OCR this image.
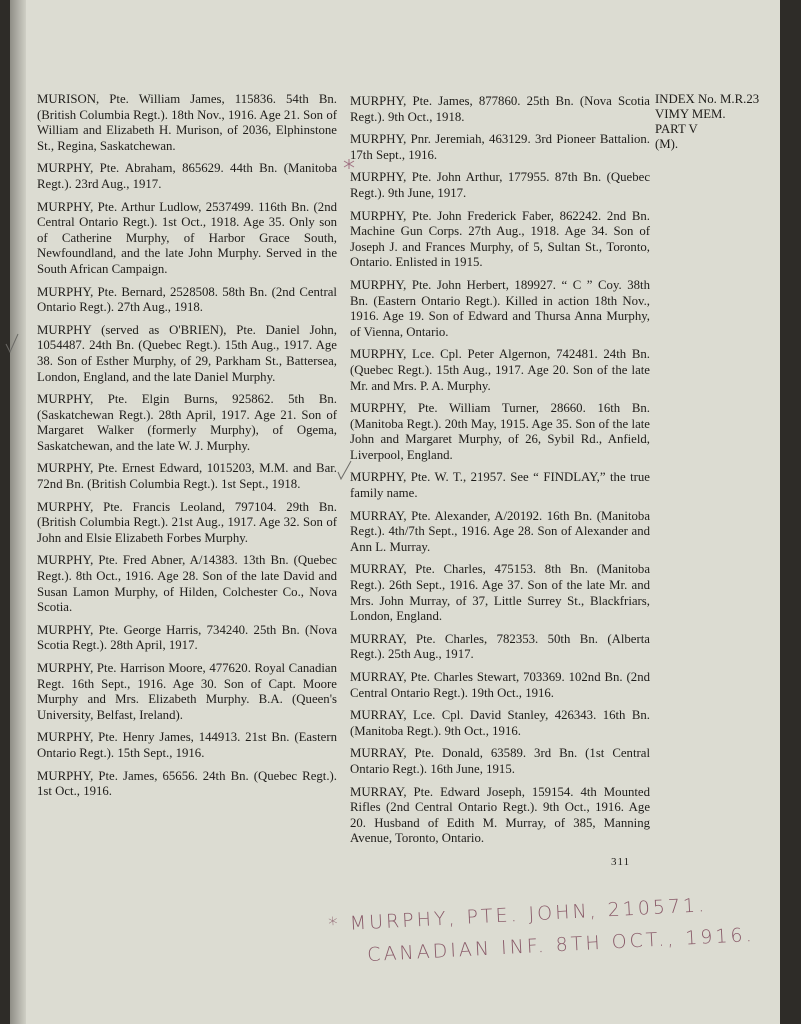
MURISON, Pte. William James, 115836. 54th Bn. (British Columbia Regt.). 18th Nov., 1916. Age 21. Son of William and Elizabeth H. Murison, of 2036, Elphinstone St., Regina, Saskatchewan.

MURPHY, Pte. Abraham, 865629. 44th Bn. (Manitoba Regt.). 23rd Aug., 1917.

MURPHY, Pte. Arthur Ludlow, 2537499. 116th Bn. (2nd Central Ontario Regt.). 1st Oct., 1918. Age 35. Only son of Catherine Murphy, of Harbor Grace South, Newfoundland, and the late John Murphy. Served in the South African Campaign.

MURPHY, Pte. Bernard, 2528508. 58th Bn. (2nd Central Ontario Regt.). 27th Aug., 1918.

MURPHY (served as O'BRIEN), Pte. Daniel John, 1054487. 24th Bn. (Quebec Regt.). 15th Aug., 1917. Age 38. Son of Esther Murphy, of 29, Parkham St., Battersea, London, England, and the late Daniel Murphy.

MURPHY, Pte. Elgin Burns, 925862. 5th Bn. (Saskatchewan Regt.). 28th April, 1917. Age 21. Son of Margaret Walker (formerly Murphy), of Ogema, Saskatchewan, and the late W. J. Murphy.

MURPHY, Pte. Ernest Edward, 1015203, M.M. and Bar. 72nd Bn. (British Columbia Regt.). 1st Sept., 1918.

MURPHY, Pte. Francis Leoland, 797104. 29th Bn. (British Columbia Regt.). 21st Aug., 1917. Age 32. Son of John and Elsie Elizabeth Forbes Murphy.

MURPHY, Pte. Fred Abner, A/14383. 13th Bn. (Quebec Regt.). 8th Oct., 1916. Age 28. Son of the late David and Susan Lamon Murphy, of Hilden, Colchester Co., Nova Scotia.

MURPHY, Pte. George Harris, 734240. 25th Bn. (Nova Scotia Regt.). 28th April, 1917.

MURPHY, Pte. Harrison Moore, 477620. Royal Canadian Regt. 16th Sept., 1916. Age 30. Son of Capt. Moore Murphy and Mrs. Elizabeth Murphy. B.A. (Queen's University, Belfast, Ireland).

MURPHY, Pte. Henry James, 144913. 21st Bn. (Eastern Ontario Regt.). 15th Sept., 1916.

MURPHY, Pte. James, 65656. 24th Bn. (Quebec Regt.). 1st Oct., 1916.

MURPHY, Pte. James, 877860. 25th Bn. (Nova Scotia Regt.). 9th Oct., 1918.

MURPHY, Pnr. Jeremiah, 463129. 3rd Pioneer Battalion. 17th Sept., 1916.

MURPHY, Pte. John Arthur, 177955. 87th Bn. (Quebec Regt.). 9th June, 1917.

MURPHY, Pte. John Frederick Faber, 862242. 2nd Bn. Machine Gun Corps. 27th Aug., 1918. Age 34. Son of Joseph J. and Frances Murphy, of 5, Sultan St., Toronto, Ontario. Enlisted in 1915.

MURPHY, Pte. John Herbert, 189927. “ C ” Coy. 38th Bn. (Eastern Ontario Regt.). Killed in action 18th Nov., 1916. Age 19. Son of Edward and Thursa Anna Murphy, of Vienna, Ontario.

MURPHY, Lce. Cpl. Peter Algernon, 742481. 24th Bn. (Quebec Regt.). 15th Aug., 1917. Age 20. Son of the late Mr. and Mrs. P. A. Murphy.

MURPHY, Pte. William Turner, 28660. 16th Bn. (Manitoba Regt.). 20th May, 1915. Age 35. Son of the late John and Margaret Murphy, of 26, Sybil Rd., Anfield, Liverpool, England.

MURPHY, Pte. W. T., 21957. See “ FINDLAY,” the true family name.

MURRAY, Pte. Alexander, A/20192. 16th Bn. (Manitoba Regt.). 4th/7th Sept., 1916. Age 28. Son of Alexander and Ann L. Murray.

MURRAY, Pte. Charles, 475153. 8th Bn. (Manitoba Regt.). 26th Sept., 1916. Age 37. Son of the late Mr. and Mrs. John Murray, of 37, Little Surrey St., Blackfriars, London, England.

MURRAY, Pte. Charles, 782353. 50th Bn. (Alberta Regt.). 25th Aug., 1917.

MURRAY, Pte. Charles Stewart, 703369. 102nd Bn. (2nd Central Ontario Regt.). 19th Oct., 1916.

MURRAY, Lce. Cpl. David Stanley, 426343. 16th Bn. (Manitoba Regt.). 9th Oct., 1916.

MURRAY, Pte. Donald, 63589. 3rd Bn. (1st Central Ontario Regt.). 16th June, 1915.

MURRAY, Pte. Edward Joseph, 159154. 4th Mounted Rifles (2nd Central Ontario Regt.). 9th Oct., 1916. Age 20. Husband of Edith M. Murray, of 385, Manning Avenue, Toronto, Ontario.

INDEX No. M.R.23
VIMY MEM.
PART V
(M).
311
* MURPHY, PTE. JOHN, 210571.
CANADIAN INF. 8TH OCT., 1916.
